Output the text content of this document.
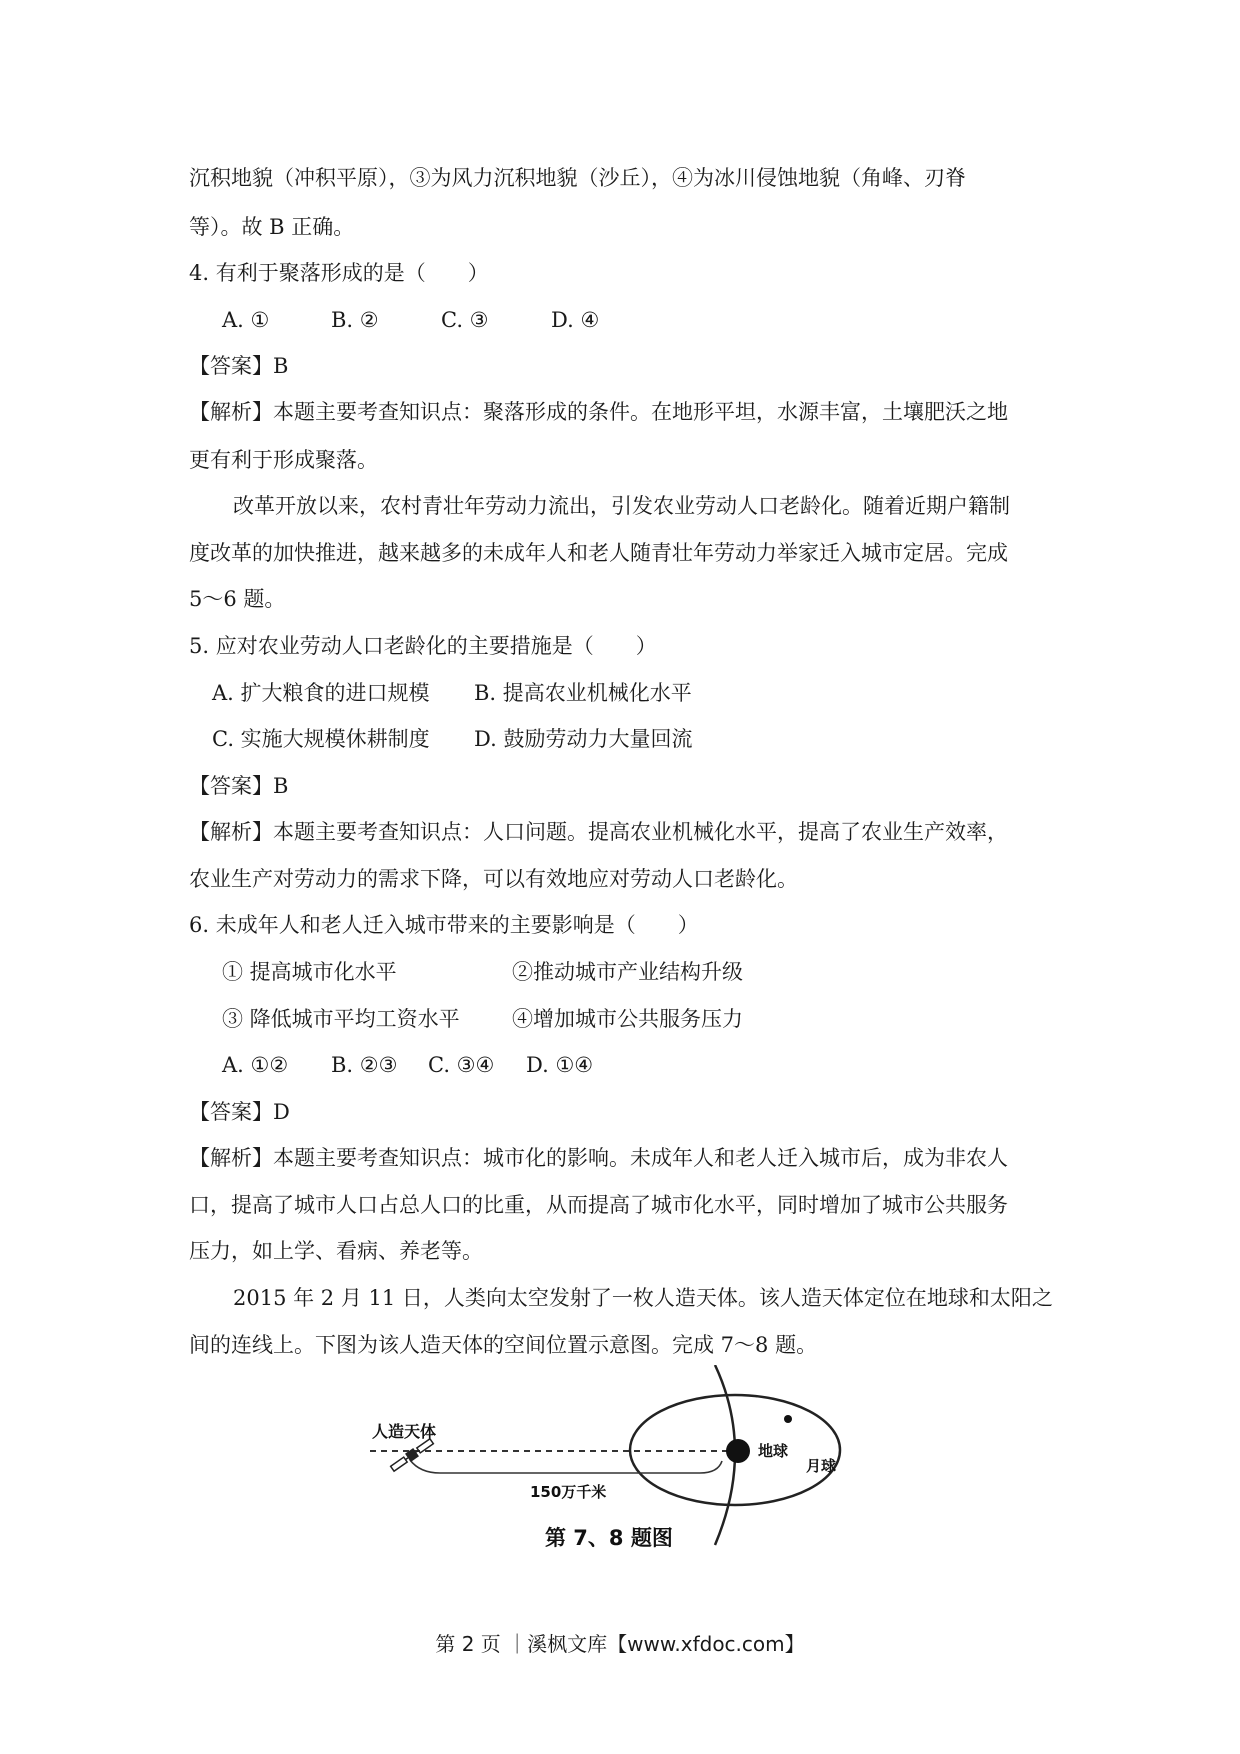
沉积地貌（冲积平原），③为风力沉积地貌（沙丘），④为冰川侵蚀地貌（角峰、刃脊
等）。故 B 正确。
4. 有利于聚落形成的是（　　）
A. ①	B. ②	C. ③	D. ④
【答案】B
【解析】本题主要考查知识点：聚落形成的条件。在地形平坦，水源丰富，土壤肥沃之地
更有利于形成聚落。
改革开放以来，农村青壮年劳动力流出，引发农业劳动人口老龄化。随着近期户籍制
度改革的加快推进，越来越多的未成年人和老人随青壮年劳动力举家迁入城市定居。完成
5～6 题。
5. 应对农业劳动人口老龄化的主要措施是（　　）
A. 扩大粮食的进口规模 B. 提高农业机械化水平
C. 实施大规模休耕制度 D. 鼓励劳动力大量回流
【答案】B
【解析】本题主要考查知识点：人口问题。提高农业机械化水平，提高了农业生产效率，
农业生产对劳动力的需求下降，可以有效地应对劳动人口老龄化。
6. 未成年人和老人迁入城市带来的主要影响是（　　）
① 提高城市化水平	②推动城市产业结构升级
③ 降低城市平均工资水平 ④增加城市公共服务压力
A. ①② B. ②③ C. ③④ D. ①④
【答案】D
【解析】本题主要考查知识点：城市化的影响。未成年人和老人迁入城市后，成为非农人
口，提高了城市人口占总人口的比重，从而提高了城市化水平，同时增加了城市公共服务
压力，如上学、看病、养老等。
2015 年 2 月 11 日，人类向太空发射了一枚人造天体。该人造天体定位在地球和太阳之
间的连线上。下图为该人造天体的空间位置示意图。完成 7～8 题。
人造天体
地球
月球
150万千米
第 7、8 题图
第 2 页 ｜溪枫文库【www.xfdoc.com】
